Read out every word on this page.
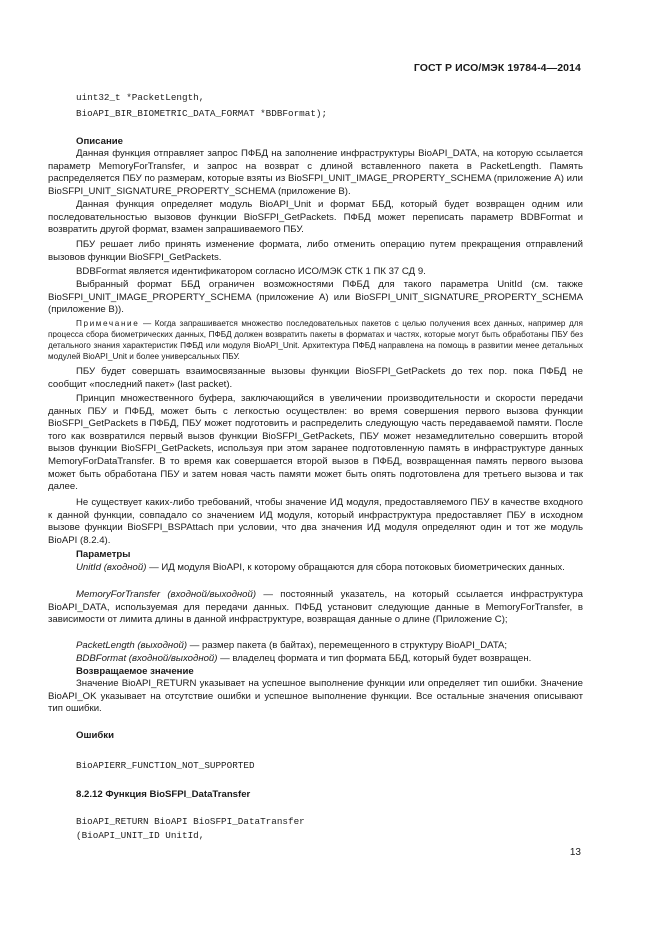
ГОСТ Р ИСО/МЭК 19784-4—2014
uint32_t *PacketLength,
BioAPI_BIR_BIOMETRIC_DATA_FORMAT *BDBFormat);
Описание
Данная функция отправляет запрос ПФБД на заполнение инфраструктуры BioAPI_DATA, на которую ссылается параметр MemoryForTransfer, и запрос на возврат с длиной вставленного пакета в PacketLength. Память распределяется ПБУ по размерам, которые взяты из BioSFPI_UNIT_IMAGE_PROPERTY_SCHEMA (приложение А) или BioSFPI_UNIT_SIGNATURE_PROPERTY_SCHEMA (приложение В).
Данная функция определяет модуль BioAPI_Unit и формат ББД, который будет возвращен одним или последовательностью вызовов функции BioSFPI_GetPackets. ПФБД может переписать параметр BDBFormat и возвратить другой формат, взамен запрашиваемого ПБУ.
ПБУ решает либо принять изменение формата, либо отменить операцию путем прекращения отправлений вызовов функции BioSFPI_GetPackets.
BDBFormat является идентификатором согласно ИСО/МЭК СТК 1 ПК 37 СД 9.
Выбранный формат ББД ограничен возможностями ПФБД для такого параметра UnitId (см. также BioSFPI_UNIT_IMAGE_PROPERTY_SCHEMA (приложение А) или BioSFPI_UNIT_SIGNATURE_PROPERTY_SCHEMA (приложение В)).
Примечание — Когда запрашивается множество последовательных пакетов с целью получения всех данных, например для процесса сбора биометрических данных, ПФБД должен возвратить пакеты в форматах и частях, которые могут быть обработаны ПБУ без детального знания характеристик ПФБД или модуля BioAPI_Unit. Архитектура ПФБД направлена на помощь в развитии менее детальных модулей BioAPI_Unit и более универсальных ПБУ.
ПБУ будет совершать взаимосвязанные вызовы функции BioSFPI_GetPackets до тех пор. пока ПФБД не сообщит «последний пакет» (last packet).
Принцип множественного буфера, заключающийся в увеличении производительности и скорости передачи данных ПБУ и ПФБД, может быть с легкостью осуществлен: во время совершения первого вызова функции BioSFPI_GetPackets в ПФБД, ПБУ может подготовить и распределить следующую часть передаваемой памяти. После того как возвратился первый вызов функции BioSFPI_GetPackets, ПБУ может незамедлительно совершить второй вызов функции BioSFPI_GetPackets, используя при этом заранее подготовленную память в инфраструктуре данных MemoryForDataTransfer. В то время как совершается второй вызов в ПФБД, возвращенная память первого вызова может быть обработана ПБУ и затем новая часть памяти может быть опять подготовлена для третьего вызова и так далее.
Не существует каких-либо требований, чтобы значение ИД модуля, предоставляемого ПБУ в качестве входного к данной функции, совпадало со значением ИД модуля, который инфраструктура предоставляет ПБУ в исходном вызове функции BioSFPI_BSPAttach при условии, что два значения ИД модуля определяют один и тот же модуль BioAPI (8.2.4).
Параметры
UnitId (входной) — ИД модуля BioAPI, к которому обращаются для сбора потоковых биометрических данных.
MemoryForTransfer (входной/выходной) — постоянный указатель, на который ссылается инфраструктура BioAPI_DATA, используемая для передачи данных. ПФБД установит следующие данные в MemoryForTransfer, в зависимости от лимита длины в данной инфраструктуре, возвращая данные о длине (Приложение С);
PacketLength (выходной) — размер пакета (в байтах), перемещенного в структуру BioAPI_DATA;
BDBFormat (входной/выходной) — владелец формата и тип формата ББД, который будет возвращен.
Возвращаемое значение
Значение BioAPI_RETURN указывает на успешное выполнение функции или определяет тип ошибки. Значение BioAPI_OK указывает на отсутствие ошибки и успешное выполнение функции. Все остальные значения описывают тип ошибки.
Ошибки
BioAPIERR_FUNCTION_NOT_SUPPORTED
8.2.12 Функция BioSFPI_DataTransfer
BioAPI_RETURN BioAPI BioSFPI_DataTransfer
(BioAPI_UNIT_ID UnitId,
13
